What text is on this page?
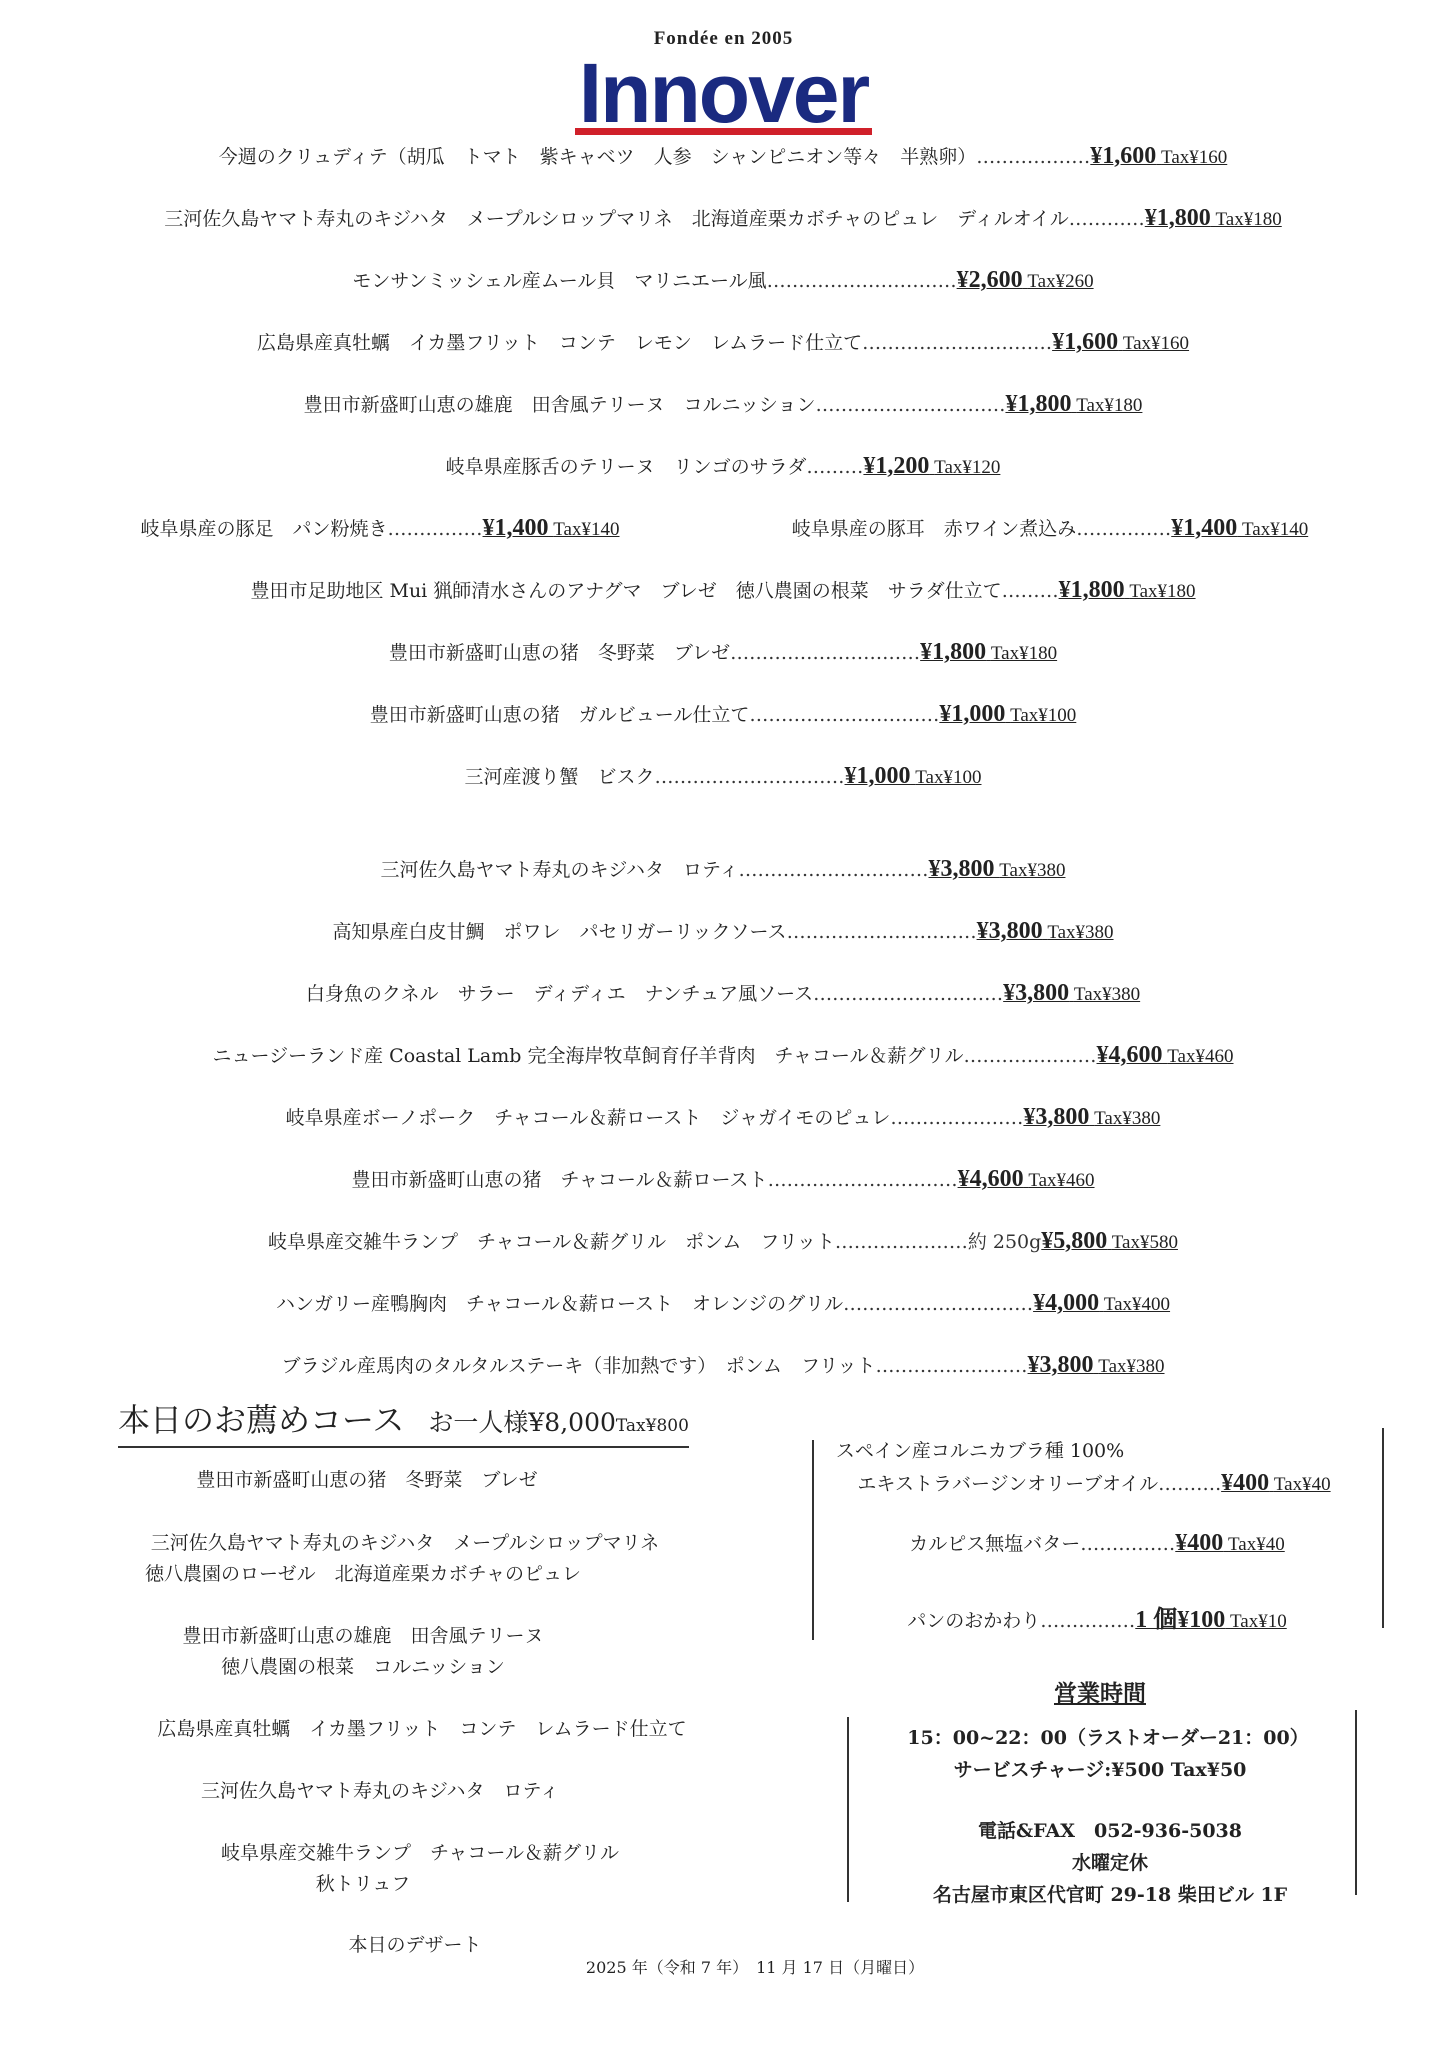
Fondée en 2005
Innover
今週のクリュディテ（胡瓜　トマト　紫キャベツ　人参　シャンピニオン等々　半熟卵）………………¥1,600 Tax¥160
三河佐久島ヤマト寿丸のキジハタ　メープルシロップマリネ　北海道産栗カボチャのピュレ　ディルオイル…………¥1,800 Tax¥180
モンサンミッシェル産ムール貝　マリニエール風…………………………¥2,600 Tax¥260
広島県産真牡蠣　イカ墨フリット　コンテ　レモン　レムラード仕立て…………………………¥1,600 Tax¥160
豊田市新盛町山恵の雄鹿　田舎風テリーヌ　コルニッション…………………………¥1,800 Tax¥180
岐阜県産豚舌のテリーヌ　リンゴのサラダ………¥1,200 Tax¥120
岐阜県産の豚足　パン粉焼き……………¥1,400 Tax¥140	岐阜県産の豚耳　赤ワイン煮込み……………¥1,400 Tax¥140
豊田市足助地区 Mui 猟師清水さんのアナグマ　ブレゼ　徳八農園の根菜　サラダ仕立て………¥1,800 Tax¥180
豊田市新盛町山恵の猪　冬野菜　ブレゼ…………………………¥1,800 Tax¥180
豊田市新盛町山恵の猪　ガルビュール仕立て…………………………¥1,000 Tax¥100
三河産渡り蟹　ビスク…………………………¥1,000 Tax¥100
三河佐久島ヤマト寿丸のキジハタ　ロティ…………………………¥3,800 Tax¥380
高知県産白皮甘鯛　ポワレ　パセリガーリックソース…………………………¥3,800 Tax¥380
白身魚のクネル　サラー　ディディエ　ナンチュア風ソース…………………………¥3,800 Tax¥380
ニュージーランド産 Coastal Lamb 完全海岸牧草飼育仔羊背肉　チャコール＆薪グリル…………………¥4,600 Tax¥460
岐阜県産ボーノポーク　チャコール＆薪ロースト　ジャガイモのピュレ…………………¥3,800 Tax¥380
豊田市新盛町山恵の猪　チャコール＆薪ロースト…………………………¥4,600 Tax¥460
岐阜県産交雑牛ランプ　チャコール＆薪グリル　ポンム　フリット…………………約 250g¥5,800 Tax¥580
ハンガリー産鴨胸肉　チャコール＆薪ロースト　オレンジのグリル…………………………¥4,000 Tax¥400
ブラジル産馬肉のタルタルステーキ（非加熱です）　ポンム　フリット……………………¥3,800 Tax¥380
本日のお薦めコース お一人様¥8,000Tax¥800
豊田市新盛町山恵の猪　冬野菜　ブレゼ
三河佐久島ヤマト寿丸のキジハタ　メープルシロップマリネ
徳八農園のローゼル　北海道産栗カボチャのピュレ
豊田市新盛町山恵の雄鹿　田舎風テリーヌ
徳八農園の根菜　コルニッション
広島県産真牡蠣　イカ墨フリット　コンテ　レムラード仕立て
三河佐久島ヤマト寿丸のキジハタ　ロティ
岐阜県産交雑牛ランプ　チャコール＆薪グリル
秋トリュフ
本日のデザート
スペイン産コルニカブラ種 100%
エキストラバージンオリーブオイル……….¥400 Tax¥40
カルピス無塩バター……………¥400 Tax¥40
パンのおかわり……………1 個¥100 Tax¥10
営業時間
15：00~22：00（ラストオーダー21：00）
サービスチャージ:¥500 Tax¥50
電話&FAX　052-936-5038
水曜定休
名古屋市東区代官町 29-18 柴田ビル 1F
2025 年（令和 7 年）　11 月 17 日（月曜日）
